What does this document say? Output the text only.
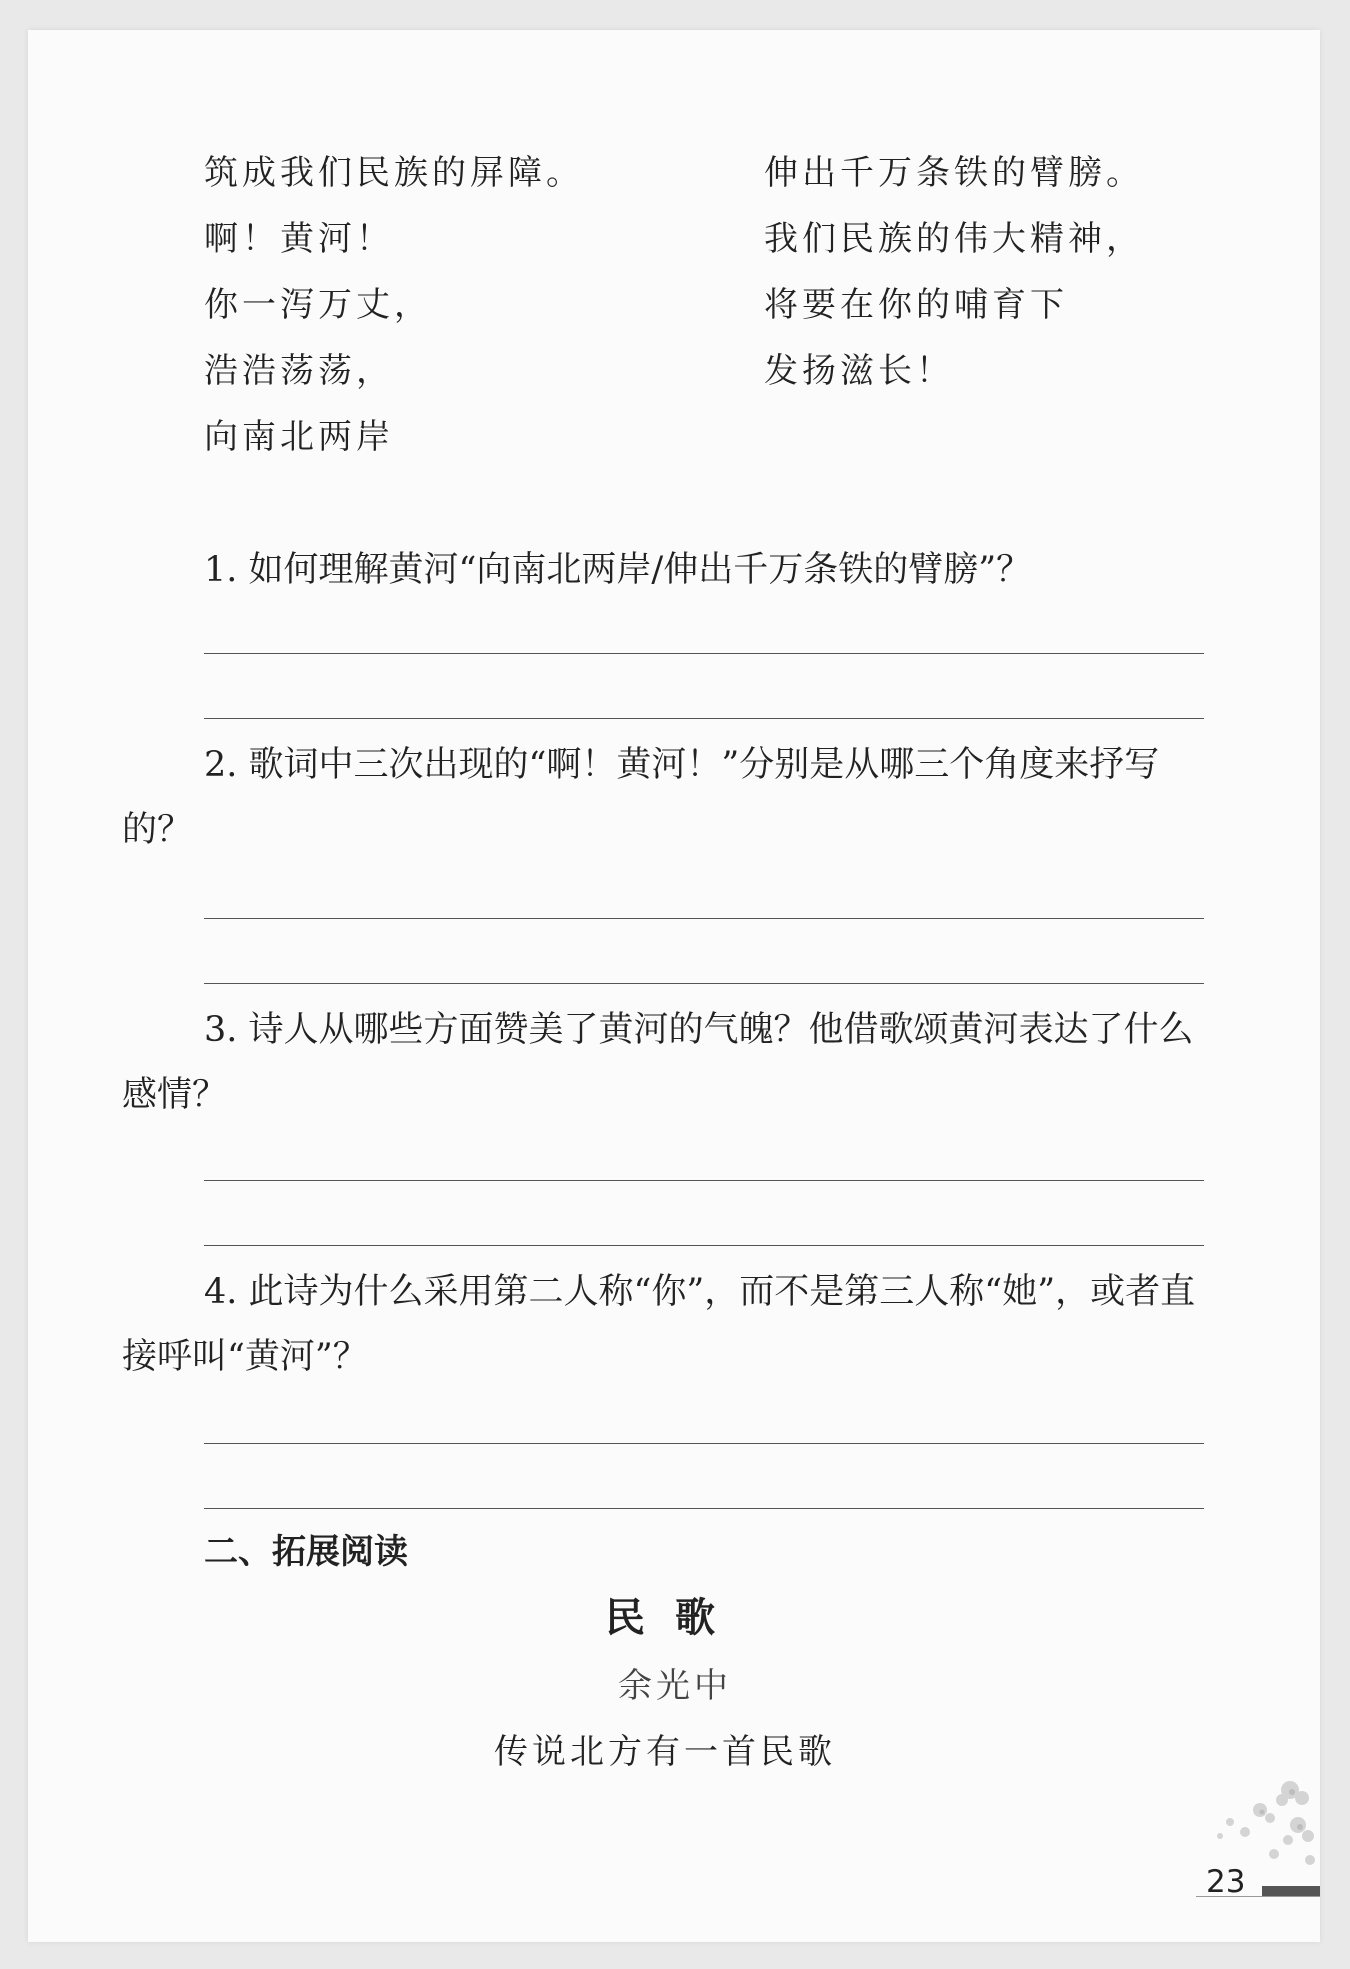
筑成我们民族的屏障。
啊！黄河！
你一泻万丈，
浩浩荡荡，
向南北两岸
伸出千万条铁的臂膀。
我们民族的伟大精神，
将要在你的哺育下
发扬滋长！
1. 如何理解黄河“向南北两岸/伸出千万条铁的臂膀”？
2. 歌词中三次出现的“啊！黄河！”分别是从哪三个角度来抒写的？
3. 诗人从哪些方面赞美了黄河的气魄？他借歌颂黄河表达了什么感情？
4. 此诗为什么采用第二人称“你”，而不是第三人称“她”，或者直接呼叫“黄河”？
二、拓展阅读
民歌
余光中
传说北方有一首民歌
23
